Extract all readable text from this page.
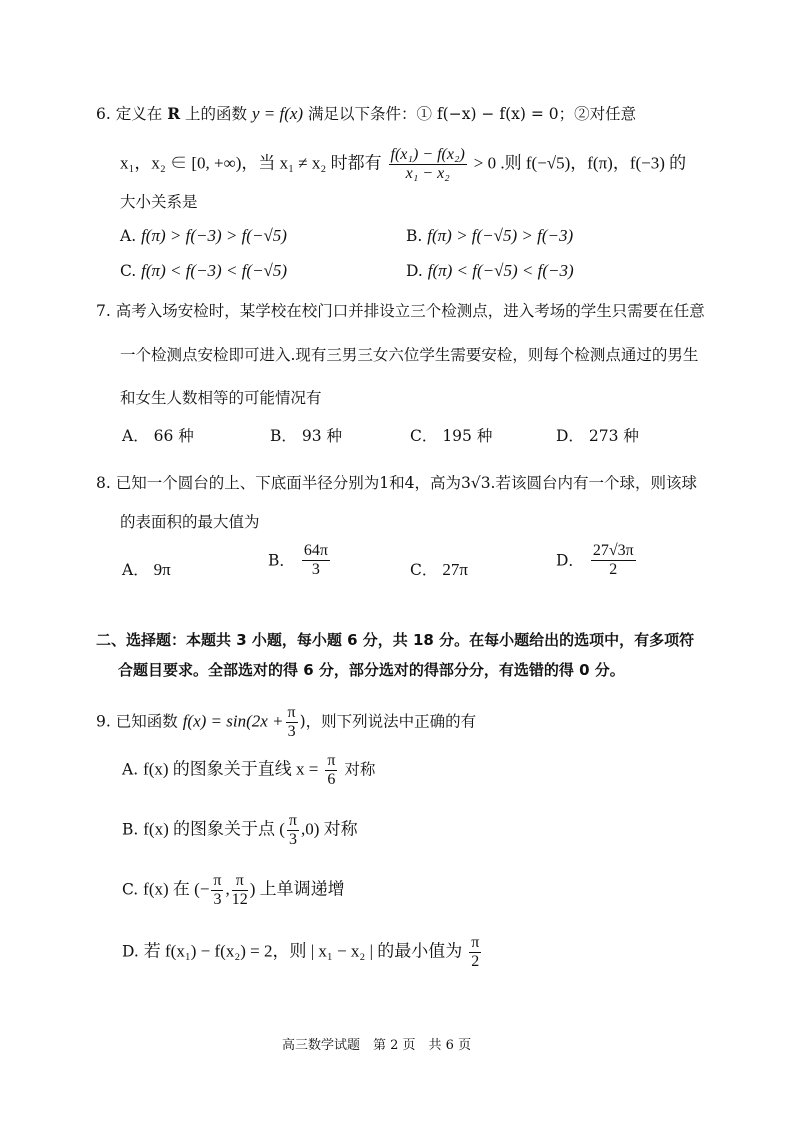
6. 定义在 R 上的函数 y = f(x) 满足以下条件：① f(−x) − f(x) = 0；②对任意
x₁，x₂ ∈ [0, +∞)，当 x₁ ≠ x₂ 时都有 $\frac{\text{f(x₁) − f(x₂)}}{\text{x₁ − x₂}} > 0$ .则 f(−√5)，f(π)，f(−3) 的
大小关系是
A. f(π) > f(−3) > f(−√5)	B. f(π) > f(−√5) > f(−3)
C. f(π) < f(−3) < f(−√5)	D. f(π) < f(−√5) < f(−3)
7. 高考入场安检时，某学校在校门口并排设立三个检测点，进入考场的学生只需要在任意
一个检测点安检即可进入.现有三男三女六位学生需要安检，则每个检测点通过的男生
和女生人数相等的可能情况有
A． 66 种	B． 93 种	C． 195 种	D． 273 种
8. 已知一个圆台的上、下底面半径分别为1和4，高为3√3.若该圆台内有一个球，则该球
的表面积的最大值为
A． 9π	B． $\frac{64\pi}{3}$	C． 27π	D． $\frac{27√3\pi}{2}$
二、选择题：本题共 3 小题，每小题 6 分，共 18 分。在每小题给出的选项中，有多项符
合题目要求。全部选对的得 6 分，部分选对的得部分分，有选错的得 0 分。
9. 已知函数 $f(x) = \sin(2x + \frac{\pi}{3}$ )，则下列说法中正确的有
A. f(x) 的图象关于直线 $x = \frac{\pi}{6}$ 对称
B. f(x) 的图象关于点 ( $\frac{\pi}{3} ,0$) 对称
C. f(x) 在 (− $\frac{\pi}{3}$ , $\frac{\pi}{12}$ ) 上单调递增
D. 若 f(x₁) − f(x₂) = 2，则 | x₁ − x₂ | 的最小值为 $\frac{\pi}{2}$
高三数学试题　第 2 页　共 6 页
